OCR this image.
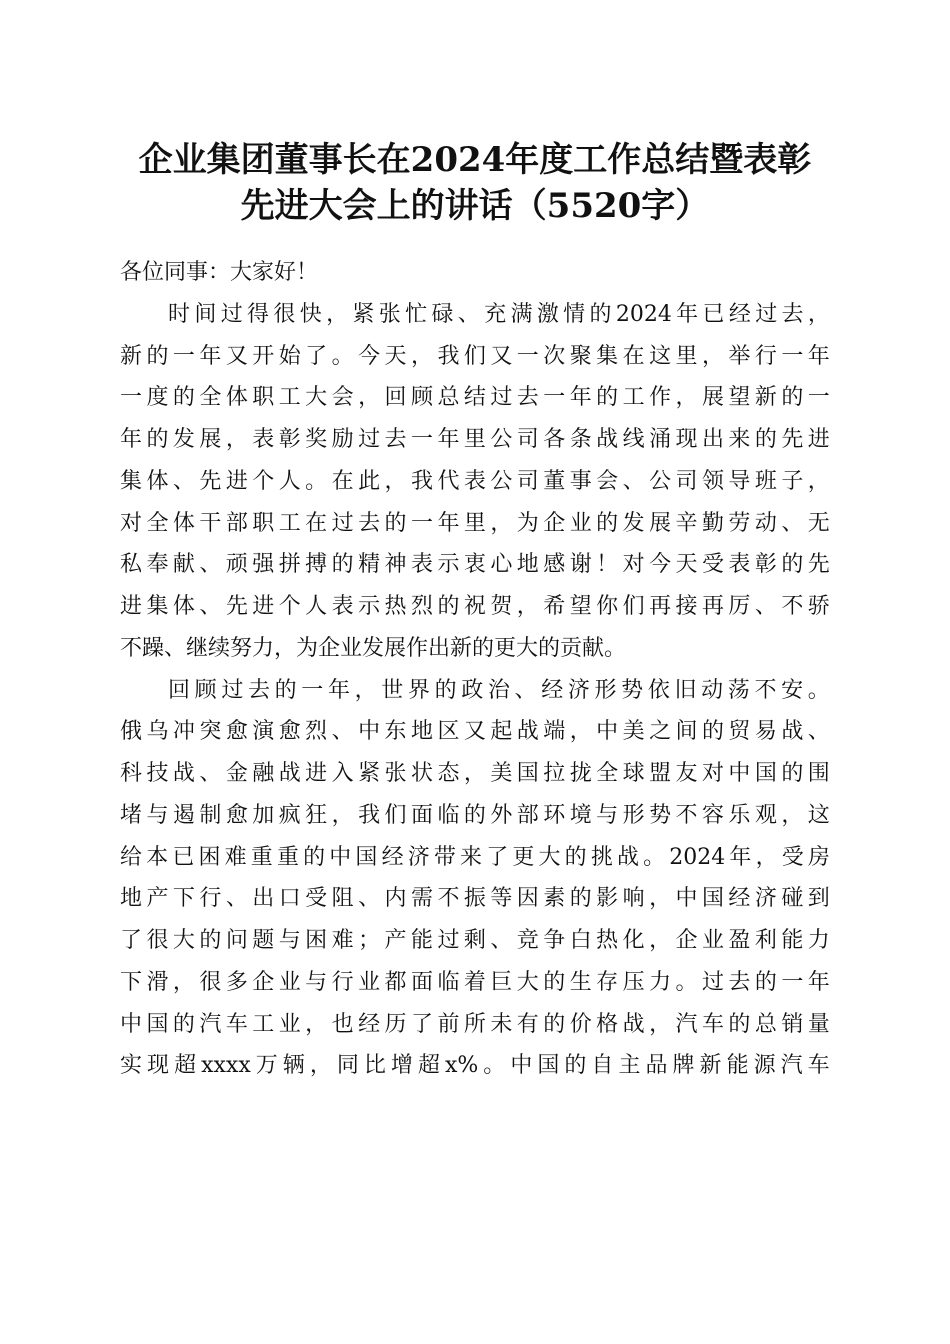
企业集团董事长在2024年度工作总结暨表彰
先进大会上的讲话（5520字）
各位同事：大家好！
时 间 过 得 很 快 ， 紧 张 忙 碌 、 充 满 激 情 的 2024 年 已 经 过 去 ，
新 的 一 年 又 开 始 了 。 今 天 ， 我 们 又 一 次 聚 集 在 这 里 ， 举 行 一 年
一 度 的 全 体 职 工 大 会 ， 回 顾 总 结 过 去 一 年 的 工 作 ， 展 望 新 的 一
年 的 发 展 ， 表 彰 奖 励 过 去 一 年 里 公 司 各 条 战 线 涌 现 出 来 的 先 进
集 体 、 先 进 个 人 。 在 此 ， 我 代 表 公 司 董 事 会 、 公 司 领 导 班 子 ，
对 全 体 干 部 职 工 在 过 去 的 一 年 里 ， 为 企 业 的 发 展 辛 勤 劳 动 、 无
私 奉 献 、 顽 强 拼 搏 的 精 神 表 示 衷 心 地 感 谢 ！ 对 今 天 受 表 彰 的 先
进 集 体 、 先 进 个 人 表 示 热 烈 的 祝 贺 ， 希 望 你 们 再 接 再 厉 、 不 骄
不躁、继续努力，为企业发展作出新的更大的贡献。
回 顾 过 去 的 一 年 ， 世 界 的 政 治 、 经 济 形 势 依 旧 动 荡 不 安 。
俄 乌 冲 突 愈 演 愈 烈 、 中 东 地 区 又 起 战 端 ， 中 美 之 间 的 贸 易 战 、
科 技 战 、 金 融 战 进 入 紧 张 状 态 ， 美 国 拉 拢 全 球 盟 友 对 中 国 的 围
堵 与 遏 制 愈 加 疯 狂 ， 我 们 面 临 的 外 部 环 境 与 形 势 不 容 乐 观 ， 这
给 本 已 困 难 重 重 的 中 国 经 济 带 来 了 更 大 的 挑 战 。 2024 年 ， 受 房
地 产 下 行 、 出 口 受 阻 、 内 需 不 振 等 因 素 的 影 响 ， 中 国 经 济 碰 到
了 很 大 的 问 题 与 困 难 ； 产 能 过 剩 、 竞 争 白 热 化 ， 企 业 盈 利 能 力
下 滑 ， 很 多 企 业 与 行 业 都 面 临 着 巨 大 的 生 存 压 力 。 过 去 的 一 年
中 国 的 汽 车 工 业 ， 也 经 历 了 前 所 未 有 的 价 格 战 ， 汽 车 的 总 销 量
实 现 超 xxxx 万 辆 ， 同 比 增 超 x% 。 中 国 的 自 主 品 牌 新 能 源 汽 车
